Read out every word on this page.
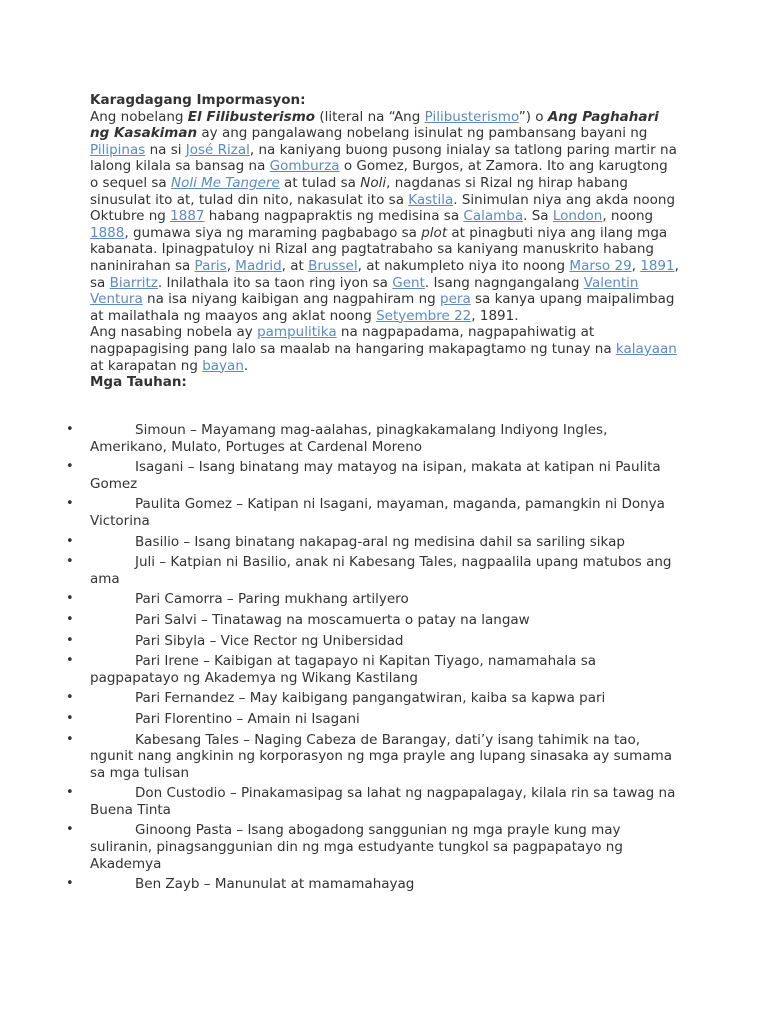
Karagdagang Impormasyon:

Ang nobelang El Filibusterismo (literal na “Ang Pilibusterismo”) o Ang Paghahari ng Kasakiman ay ang pangalawang nobelang isinulat ng pambansang bayani ng Pilipinas na si José Rizal, na kaniyang buong pusong inialay sa tatlong paring martir na lalong kilala sa bansag na Gomburza o Gomez, Burgos, at Zamora. Ito ang karugtong o sequel sa Noli Me Tangere at tulad sa Noli, nagdanas si Rizal ng hirap habang sinusulat ito at, tulad din nito, nakasulat ito sa Kastila. Sinimulan niya ang akda noong Oktubre ng 1887 habang nagpapraktis ng medisina sa Calamba. Sa London, noong 1888, gumawa siya ng maraming pagbabago sa plot at pinagbuti niya ang ilang mga kabanata. Ipinagpatuloy ni Rizal ang pagtatrabaho sa kaniyang manuskrito habang naninirahan sa Paris, Madrid, at Brussel, at nakumpleto niya ito noong Marso 29, 1891, sa Biarritz. Inilathala ito sa taon ring iyon sa Gent. Isang nagngangalang Valentin Ventura na isa niyang kaibigan ang nagpahiram ng pera sa kanya upang maipalimbag at mailathala ng maayos ang aklat noong Setyembre 22, 1891.

Ang nasabing nobela ay pampulitika na nagpapadama, nagpapahiwatig at nagpapagising pang lalo sa maalab na hangaring makapagtamo ng tunay na kalayaan at karapatan ng bayan.

Mga Tauhan:

•	Simoun – Mayamang mag-aalahas, pinagkakamalang Indiyong Ingles, Amerikano, Mulato, Portuges at Cardenal Moreno
•	Isagani – Isang binatang may matayog na isipan, makata at katipan ni Paulita Gomez
•	Paulita Gomez – Katipan ni Isagani, mayaman, maganda, pamangkin ni Donya Victorina
•	Basilio – Isang binatang nakapag-aral ng medisina dahil sa sariling sikap
•	Juli – Katpian ni Basilio, anak ni Kabesang Tales, nagpaalila upang matubos ang ama
•	Pari Camorra – Paring mukhang artilyero
•	Pari Salvi – Tinatawag na moscamuerta o patay na langaw
•	Pari Sibyla – Vice Rector ng Unibersidad
•	Pari Irene – Kaibigan at tagapayo ni Kapitan Tiyago, namamahala sa pagpapatayo ng Akademya ng Wikang Kastilang
•	Pari Fernandez – May kaibigang pangangatwiran, kaiba sa kapwa pari
•	Pari Florentino – Amain ni Isagani
•	Kabesang Tales – Naging Cabeza de Barangay, dati’y isang tahimik na tao, ngunit nang angkinin ng korporasyon ng mga prayle ang lupang sinasaka ay sumama sa mga tulisan
•	Don Custodio – Pinakamasipag sa lahat ng nagpapalagay, kilala rin sa tawag na Buena Tinta
•	Ginoong Pasta – Isang abogadong sanggunian ng mga prayle kung may suliranin, pinagsanggunian din ng mga estudyante tungkol sa pagpapatayo ng Akademya
•	Ben Zayb – Manunulat at mamamahayag
